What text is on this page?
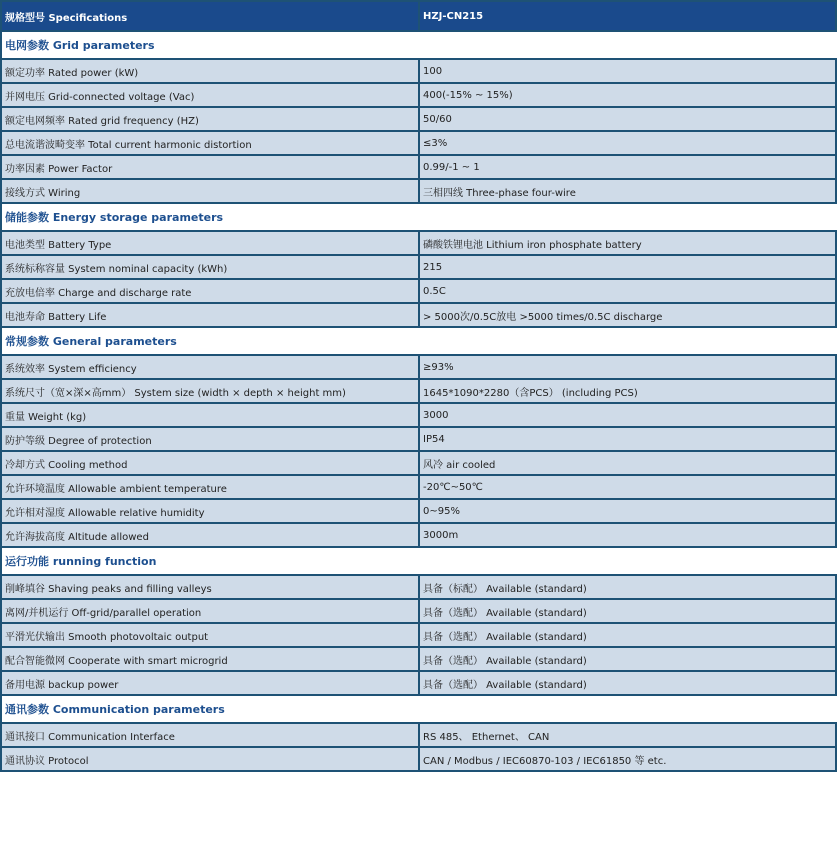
规格型号 Specifications	HZJ-CN215
电网参数 Grid parameters	
额定功率 Rated power (kW)	100
并网电压 Grid-connected voltage (Vac)	400(-15% ~ 15%)
额定电网频率 Rated grid frequency (HZ)	50/60
总电流谐波畸变率 Total current harmonic distortion	≤3%
功率因素 Power Factor	0.99/-1 ~ 1
接线方式 Wiring	三相四线 Three-phase four-wire
储能参数 Energy storage parameters	
电池类型 Battery Type	磷酸铁锂电池 Lithium iron phosphate battery
系统标称容量 System nominal capacity (kWh)	215
充放电倍率 Charge and discharge rate	0.5C
电池寿命 Battery Life	> 5000次/0.5C放电 >5000 times/0.5C discharge
常规参数 General parameters	
系统效率 System efficiency	≥93%
系统尺寸（宽×深×高mm） System size (width × depth × height mm)	1645*1090*2280（含PCS） (including PCS)
重量 Weight (kg)	3000
防护等级 Degree of protection	IP54
冷却方式 Cooling method	风冷 air cooled
允许环境温度 Allowable ambient temperature	-20℃~50℃
允许相对湿度 Allowable relative humidity	0~95%
允许海拔高度 Altitude allowed	3000m
运行功能 running function	
削峰填谷 Shaving peaks and filling valleys	具备（标配） Available (standard)
离网/并机运行 Off-grid/parallel operation	具备（选配） Available (standard)
平滑光伏输出 Smooth photovoltaic output	具备（选配） Available (standard)
配合智能微网 Cooperate with smart microgrid	具备（选配） Available (standard)
备用电源 backup power	具备（选配） Available (standard)
通讯参数 Communication parameters	
通讯接口 Communication Interface	RS 485、 Ethernet、 CAN
通讯协议 Protocol	CAN / Modbus / IEC60870-103 / IEC61850 等 etc.
